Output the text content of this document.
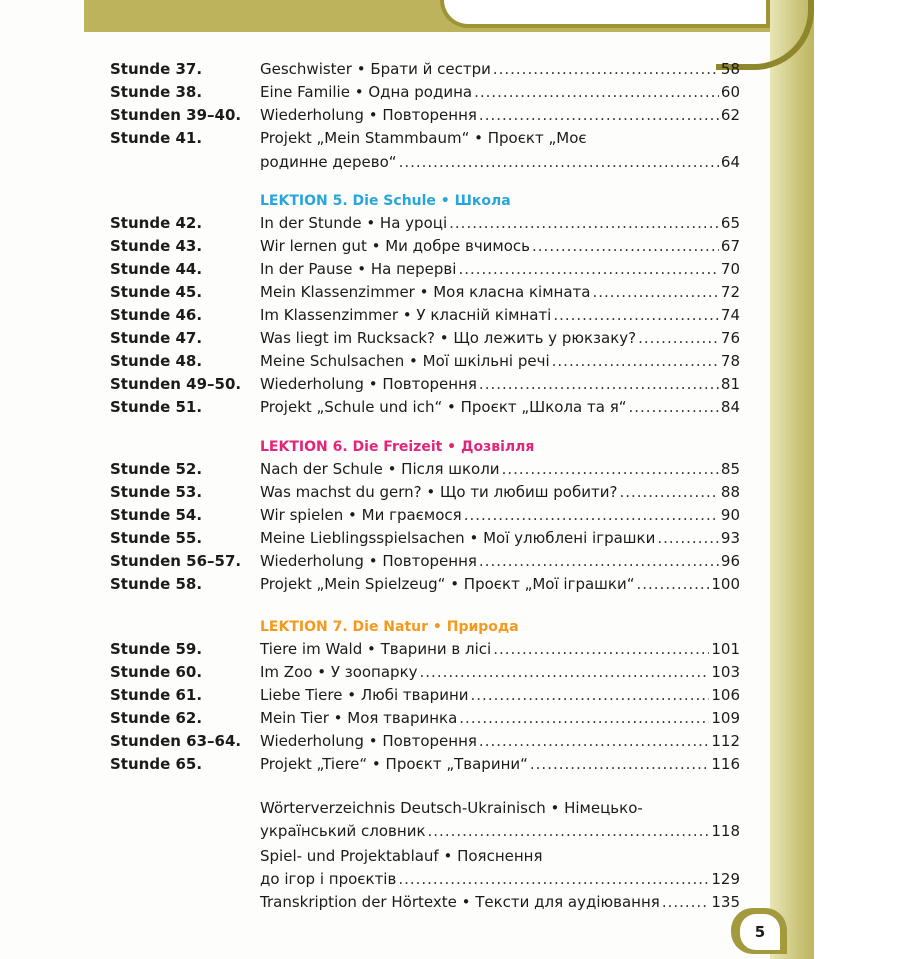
Stunde 37.	Geschwister • Брати й сестри .....	58
Stunde 38.	Eine Familie • Одна родина .....	60
Stunden 39–40.	Wiederholung • Повторення .....	62
Stunde 41.	Projekt „Mein Stammbaum“ • Проєкт „Моє
родинне дерево“ .....	64
LEKTION 5. Die Schule • Школа
Stunde 42.	In der Stunde • На уроці .....	65
Stunde 43.	Wir lernen gut • Ми добре вчимось .....	67
Stunde 44.	In der Pause • На перерві .....	70
Stunde 45.	Mein Klassenzimmer • Моя класна кімната .....	72
Stunde 46.	Im Klassenzimmer • У класній кімнаті .....	74
Stunde 47.	Was liegt im Rucksack? • Що лежить у рюкзаку? .....	76
Stunde 48.	Meine Schulsachen • Мої шкільні речі .....	78
Stunden 49–50.	Wiederholung • Повторення .....	81
Stunde 51.	Projekt „Schule und ich“ • Проєкт „Школа та я“ .....	84
LEKTION 6. Die Freizeit • Дозвілля
Stunde 52.	Nach der Schule • Після школи .....	85
Stunde 53.	Was machst du gern? • Що ти любиш робити? .....	88
Stunde 54.	Wir spielen • Ми граємося .....	90
Stunde 55.	Meine Lieblingsspielsachen • Мої улюблені іграшки .....	93
Stunden 56–57.	Wiederholung • Повторення .....	96
Stunde 58.	Projekt „Mein Spielzeug“ • Проєкт „Мої іграшки“ .....	100
LEKTION 7. Die Natur • Природа
Stunde 59.	Tiere im Wald • Тварини в лісі .....	101
Stunde 60.	Im Zoo • У зоопарку .....	103
Stunde 61.	Liebe Tiere • Любі тварини .....	106
Stunde 62.	Mein Tier • Моя тваринка .....	109
Stunden 63–64.	Wiederholung • Повторення .....	112
Stunde 65.	Projekt „Tiere“ • Проєкт „Тварини“ .....	116
Wörterverzeichnis Deutsch-Ukrainisch • Німецько-
український словник .....	118
Spiel- und Projektablauf • Пояснення
до ігор і проєктів .....	129
Transkription der Hörtexte • Тексти для аудіювання .....	135
5
